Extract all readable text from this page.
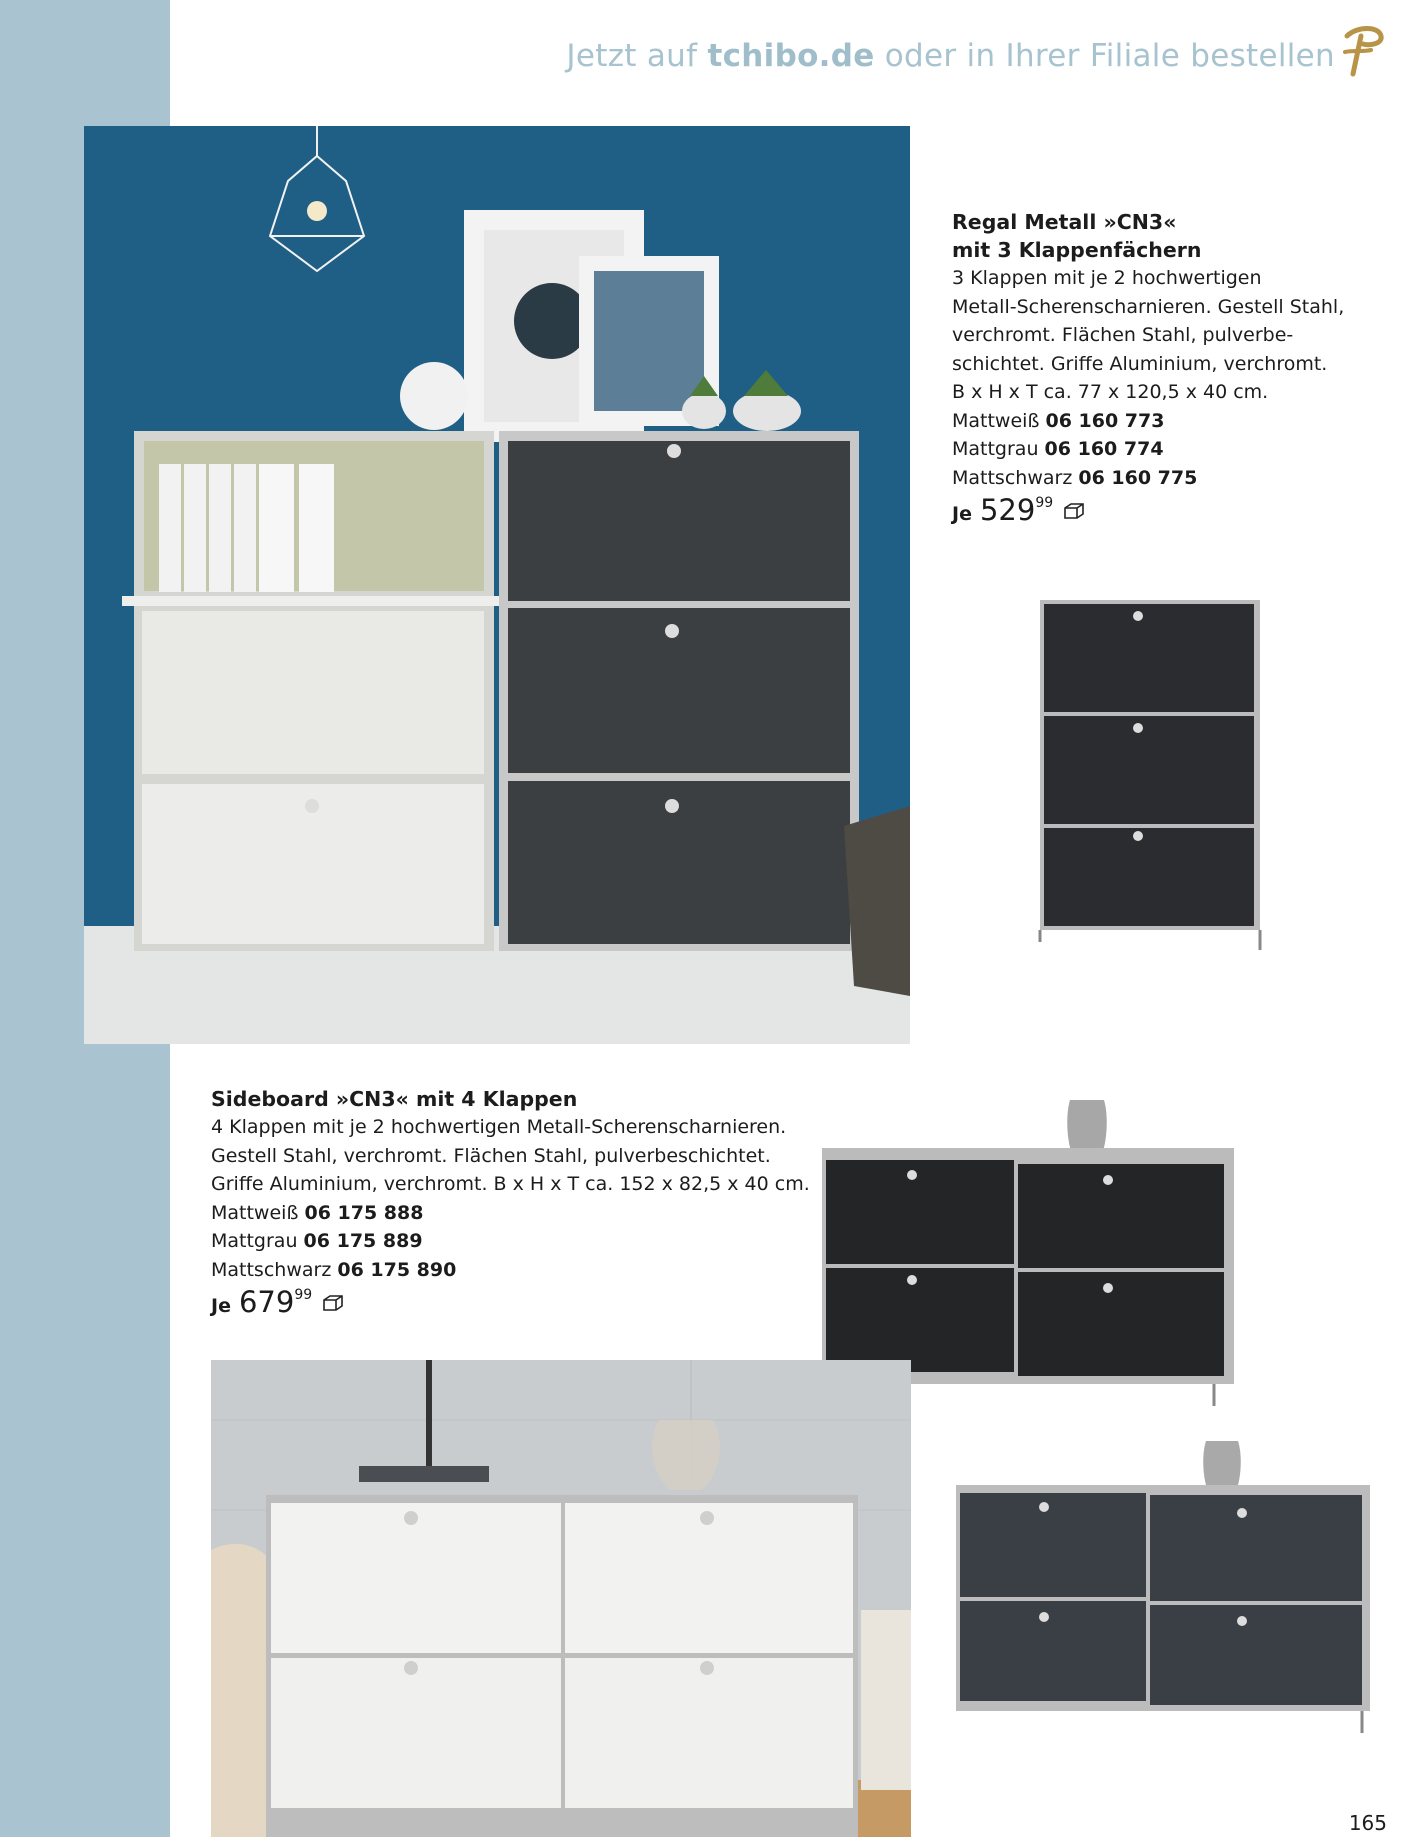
Jetzt auf tchibo.de oder in Ihrer Filiale bestellen
Regal Metall »CN3«
mit 3 Klappenfächern
3 Klappen mit je 2 hochwertigen
Metall-Scherenscharnieren. Gestell Stahl,
verchromt. Flächen Stahl, pulverbe-
schichtet. Griffe Aluminium, verchromt.
B x H x T ca. 77 x 120,5 x 40 cm.
Mattweiß 06 160 773
Mattgrau 06 160 774
Mattschwarz 06 160 775
Je 529 99
Sideboard »CN3« mit 4 Klappen
4 Klappen mit je 2 hochwertigen Metall-Scherenscharnieren.
Gestell Stahl, verchromt. Flächen Stahl, pulverbeschichtet.
Griffe Aluminium, verchromt. B x H x T ca. 152 x 82,5 x 40 cm.
Mattweiß 06 175 888
Mattgrau 06 175 889
Mattschwarz 06 175 890
Je 679 99
165
